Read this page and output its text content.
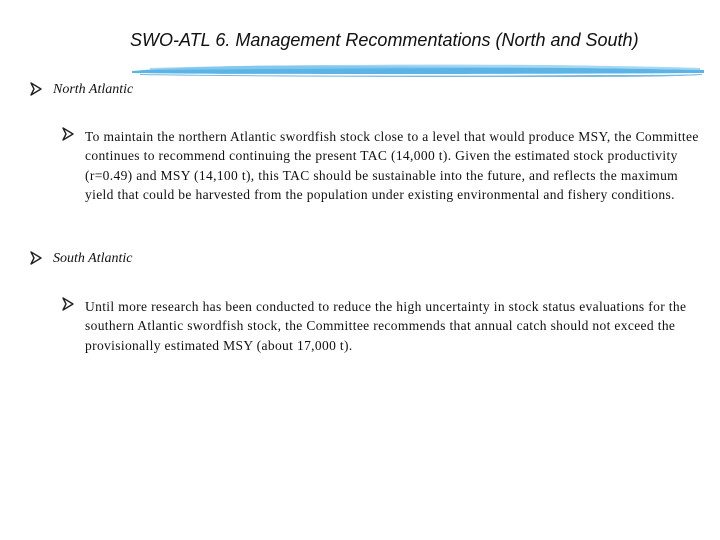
SWO-ATL 6. Management Recommentations (North and South)
North Atlantic
To maintain the northern Atlantic swordfish stock close to a level that would produce MSY, the Committee continues to recommend continuing the present TAC (14,000 t). Given the estimated stock productivity (r=0.49) and MSY (14,100 t), this TAC should be sustainable into the future, and reflects the maximum yield that could be harvested from the population under existing environmental and fishery conditions.
South Atlantic
Until more research has been conducted to reduce the high uncertainty in stock status evaluations for the southern Atlantic swordfish stock, the Committee recommends that annual catch should not exceed the provisionally estimated MSY (about 17,000 t).
